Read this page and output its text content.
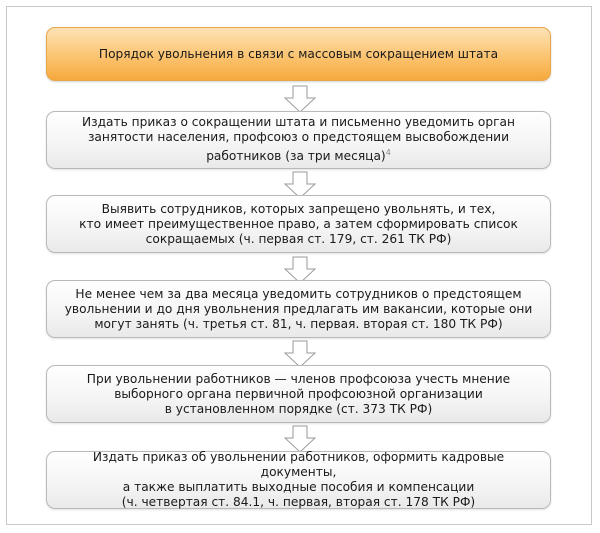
Порядок увольнения в связи с массовым сокращением штата
Издать приказ о сокращении штата и письменно уведомить орган
занятости населения, профсоюз о предстоящем высвобождении
работников (за три месяца)$^4$
Выявить сотрудников, которых запрещено увольнять, и тех,
кто имеет преимущественное право, а затем сформировать список
сокращаемых (ч. первая ст. 179, ст. 261 ТК РФ)
Не менее чем за два месяца уведомить сотрудников о предстоящем
увольнении и до дня увольнения предлагать им вакансии, которые они
могут занять (ч. третья ст. 81, ч. первая. вторая ст. 180 ТК РФ)
При увольнении работников — членов профсоюза учесть мнение
выборного органа первичной профсоюзной организации
в установленном порядке (ст. 373 ТК РФ)
Издать приказ об увольнении работников, оформить кадровые документы,
а также выплатить выходные пособия и компенсации
(ч. четвертая ст. 84.1, ч. первая, вторая ст. 178 ТК РФ)
